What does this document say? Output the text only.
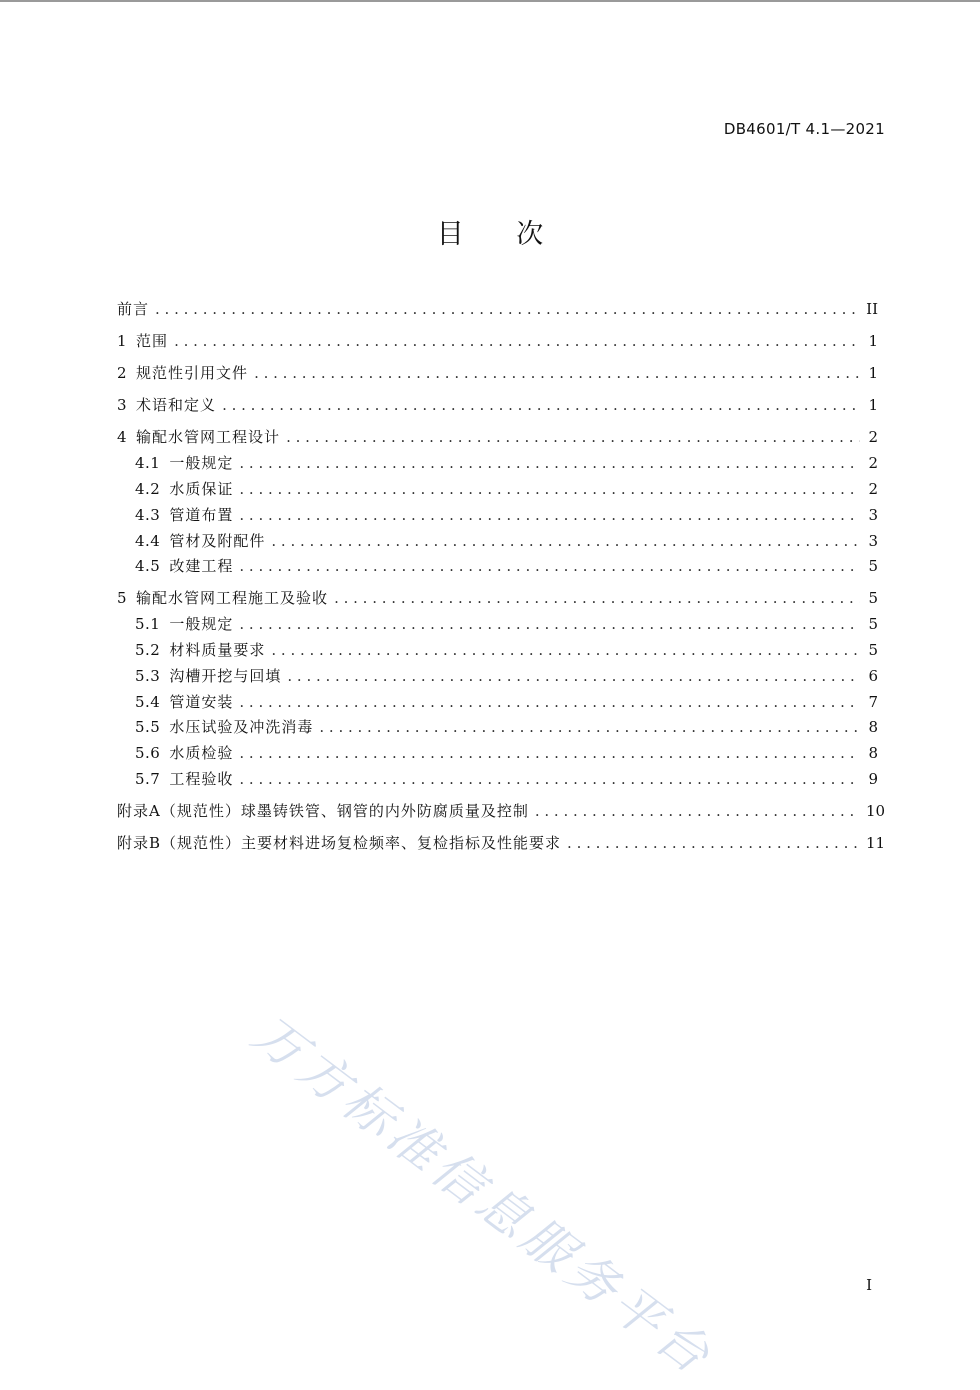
DB4601/T 4.1—2021
目 次
前言 . . .	II
1 范围 . . .	1
2 规范性引用文件 . . .	1
3 术语和定义 . . .	1
4 输配水管网工程设计 . . .	2
4.1 一般规定 . . .	2
4.2 水质保证 . . .	2
4.3 管道布置 . . .	3
4.4 管材及附配件 . . .	3
4.5 改建工程 . . .	5
5 输配水管网工程施工及验收 . . .	5
5.1 一般规定 . . .	5
5.2 材料质量要求 . . .	5
5.3 沟槽开挖与回填 . . .	6
5.4 管道安装 . . .	7
5.5 水压试验及冲洗消毒 . . .	8
5.6 水质检验 . . .	8
5.7 工程验收 . . .	9
附录A（规范性）球墨铸铁管、钢管的内外防腐质量及控制 . . .	10
附录B（规范性）主要材料进场复检频率、复检指标及性能要求 . . .	11
万方标准信息服务平台	I
